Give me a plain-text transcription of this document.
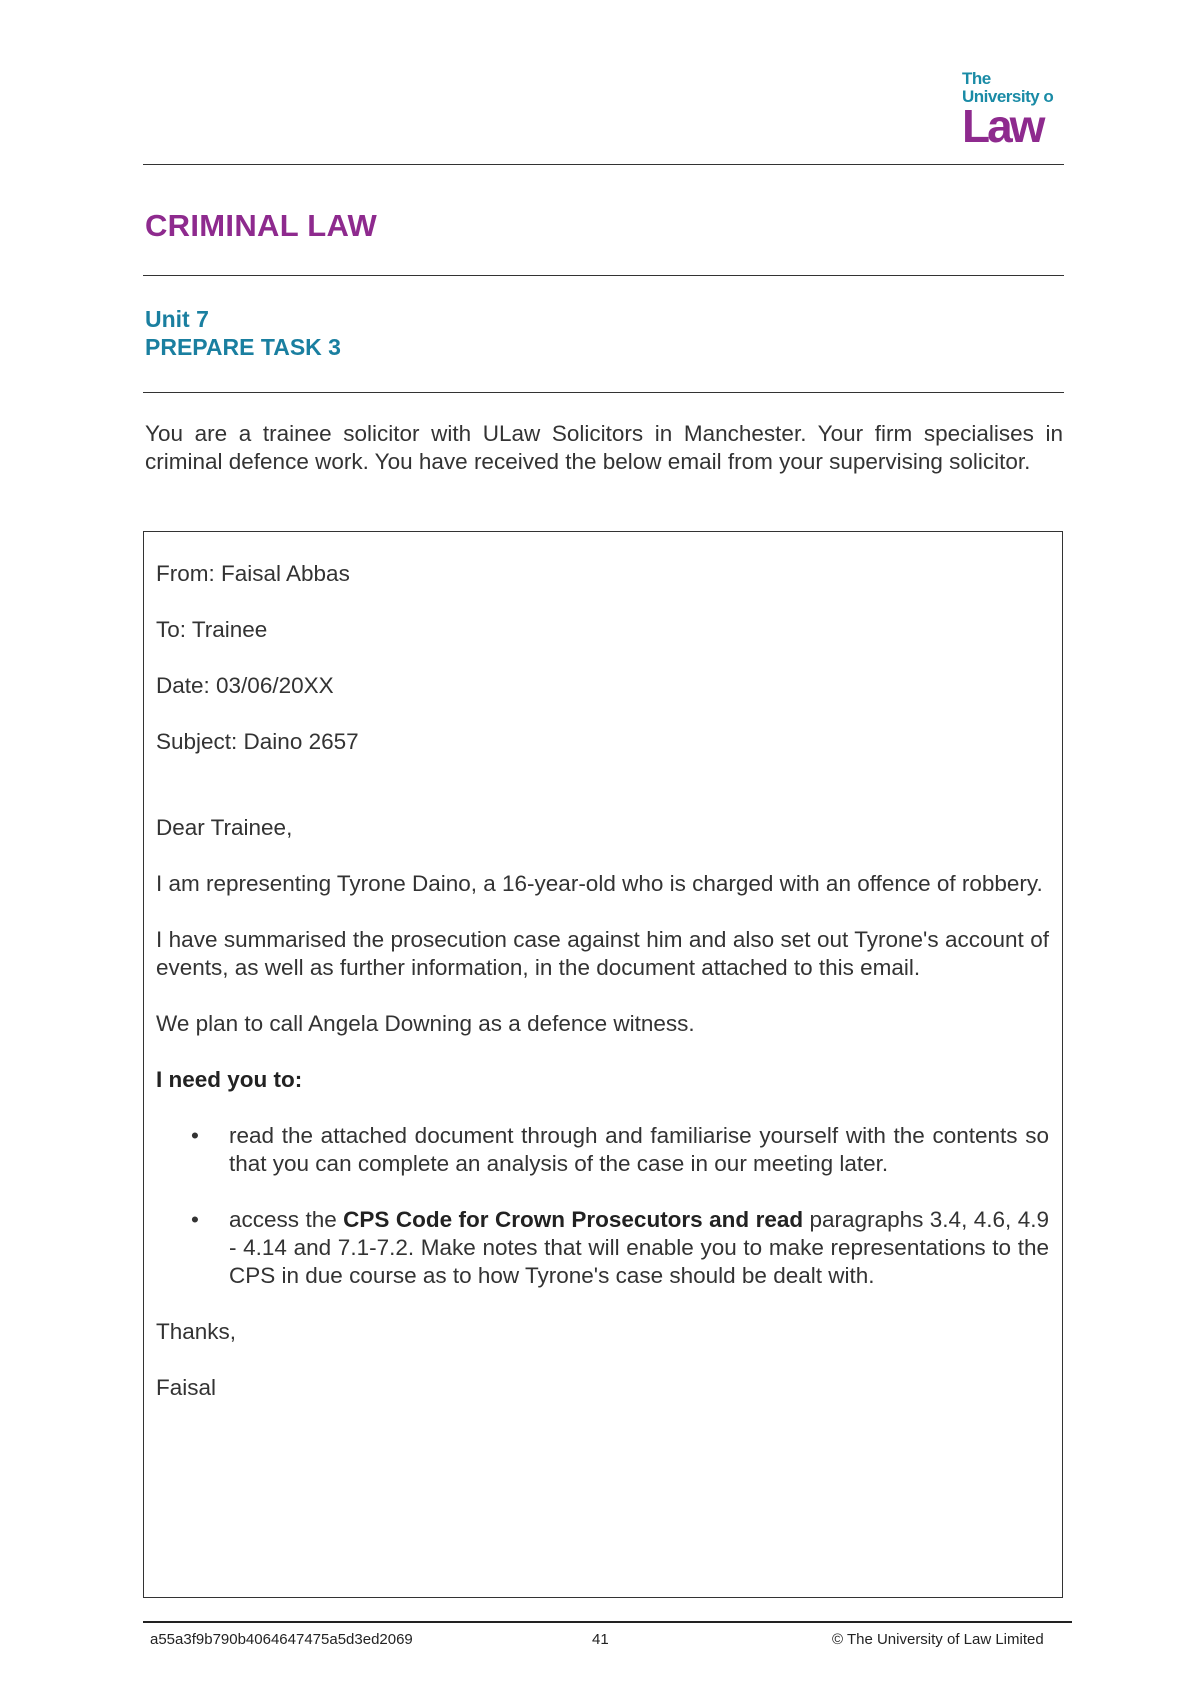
The
University o
Law
CRIMINAL LAW
Unit 7
PREPARE TASK 3
You are a trainee solicitor with ULaw Solicitors in Manchester. Your firm specialises in criminal defence work. You have received the below email from your supervising solicitor.

From: Faisal Abbas

To: Trainee

Date: 03/06/20XX

Subject: Daino 2657

Dear Trainee,

I am representing Tyrone Daino, a 16-year-old who is charged with an offence of robbery.

I have summarised the prosecution case against him and also set out Tyrone's account of events, as well as further information, in the document attached to this email.

We plan to call Angela Downing as a defence witness.

I need you to:

• read the attached document through and familiarise yourself with the contents so that you can complete an analysis of the case in our meeting later.
• access the CPS Code for Crown Prosecutors and read paragraphs 3.4, 4.6, 4.9 - 4.14 and 7.1-7.2. Make notes that will enable you to make representations to the CPS in due course as to how Tyrone's case should be dealt with.

Thanks,

Faisal

a55a3f9b790b4064647475a5d3ed2069	41	© The University of Law Limited
